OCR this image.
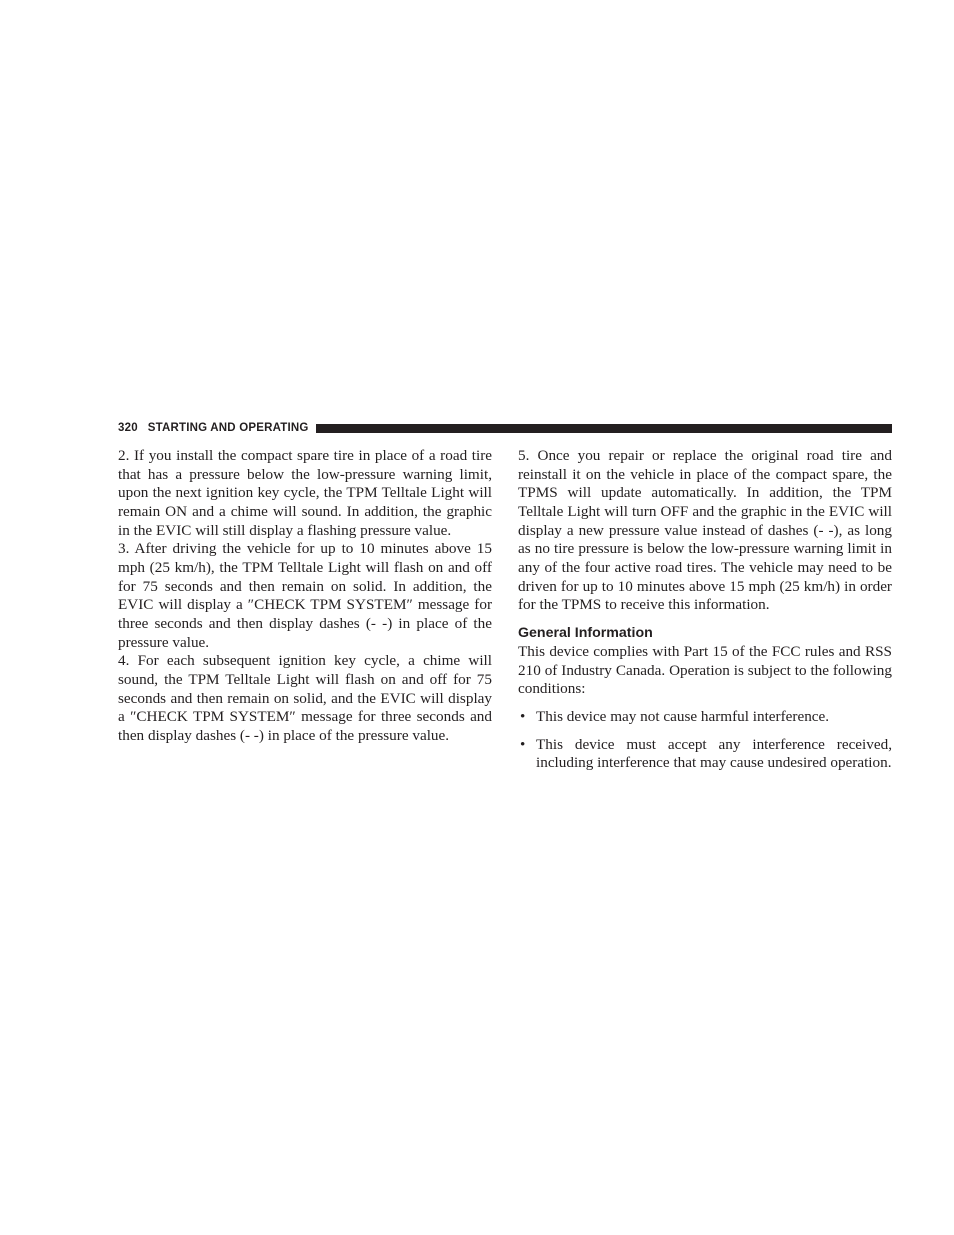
320 STARTING AND OPERATING

2. If you install the compact spare tire in place of a road tire that has a pressure below the low-pressure warning limit, upon the next ignition key cycle, the TPM Telltale Light will remain ON and a chime will sound. In addition, the graphic in the EVIC will still display a flashing pressure value.

3. After driving the vehicle for up to 10 minutes above 15 mph (25 km/h), the TPM Telltale Light will flash on and off for 75 seconds and then remain on solid. In addition, the EVIC will display a ″CHECK TPM SYSTEM″ message for three seconds and then display dashes (- -) in place of the pressure value.

4. For each subsequent ignition key cycle, a chime will sound, the TPM Telltale Light will flash on and off for 75 seconds and then remain on solid, and the EVIC will display a ″CHECK TPM SYSTEM″ message for three seconds and then display dashes (- -) in place of the pressure value.

5. Once you repair or replace the original road tire and reinstall it on the vehicle in place of the compact spare, the TPMS will update automatically. In addition, the TPM Telltale Light will turn OFF and the graphic in the EVIC will display a new pressure value instead of dashes (- -), as long as no tire pressure is below the low-pressure warning limit in any of the four active road tires. The vehicle may need to be driven for up to 10 minutes above 15 mph (25 km/h) in order for the TPMS to receive this information.

General Information

This device complies with Part 15 of the FCC rules and RSS 210 of Industry Canada. Operation is subject to the following conditions:

• This device may not cause harmful interference.
• This device must accept any interference received, including interference that may cause undesired operation.
